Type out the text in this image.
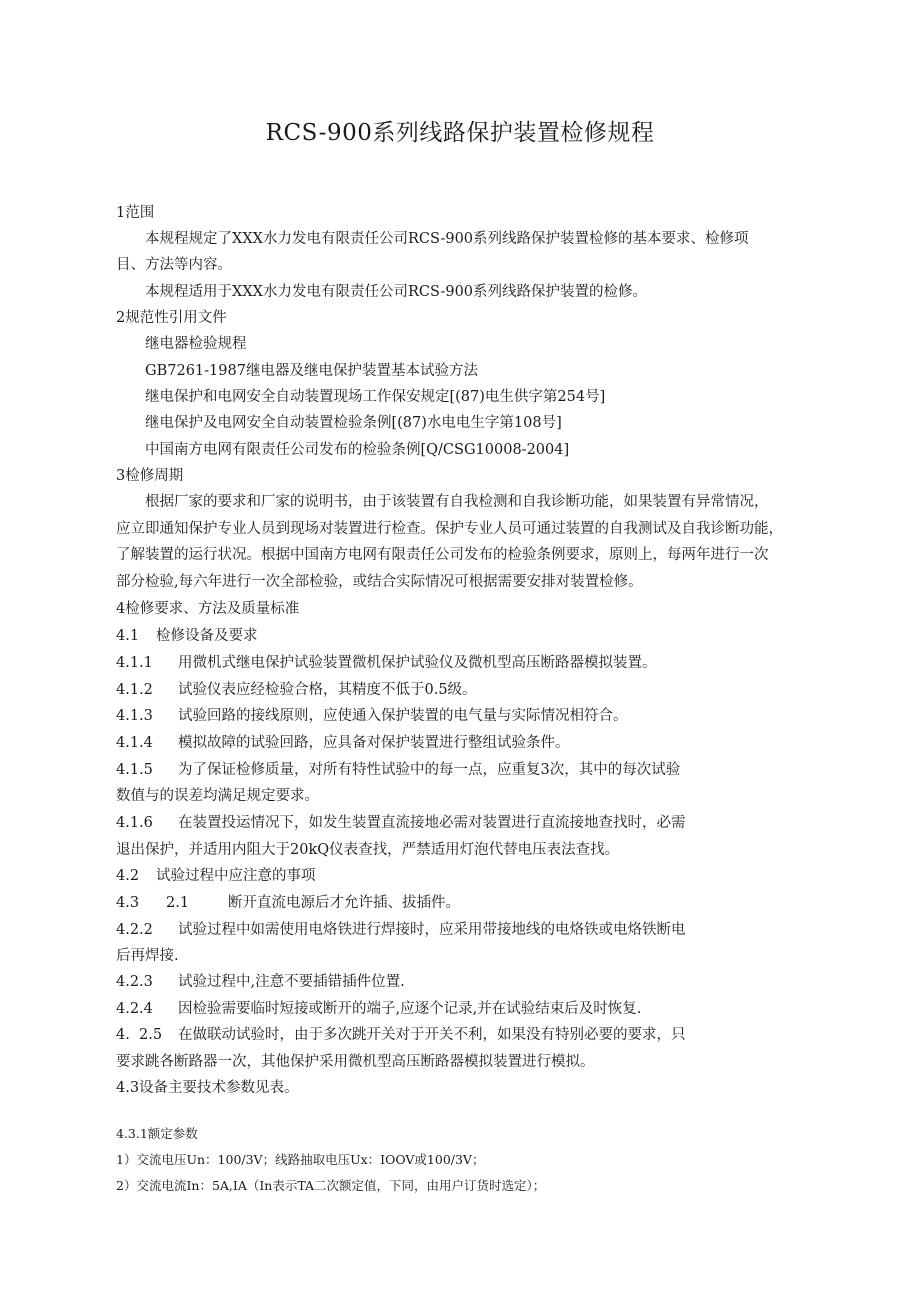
RCS-900系列线路保护装置检修规程
1范围
本规程规定了XXX水力发电有限责任公司RCS-900系列线路保护装置检修的基本要求、检修项
目、方法等内容。
本规程适用于XXX水力发电有限责任公司RCS-900系列线路保护装置的检修。
2规范性引用文件
继电器检验规程
GB7261-1987继电器及继电保护装置基本试验方法
继电保护和电网安全自动装置现场工作保安规定[(87)电生供字第254号]
继电保护及电网安全自动装置检验条例[(87)水电电生字第108号]
中国南方电网有限责任公司发布的检验条例[Q/CSG10008-2004]
3检修周期
根据厂家的要求和厂家的说明书，由于该装置有自我检测和自我诊断功能，如果装置有异常情况，
应立即通知保护专业人员到现场对装置进行检查。保护专业人员可通过装置的自我测试及自我诊断功能，
了解装置的运行状况。根据中国南方电网有限责任公司发布的检验条例要求，原则上，每两年进行一次
部分检验,每六年进行一次全部检验，或结合实际情况可根据需要安排对装置检修。
4检修要求、方法及质量标准
4.1 检修设备及要求
4.1.1 用微机式继电保护试验装置微机保护试验仪及微机型高压断路器模拟装置。
4.1.2 试验仪表应经检验合格，其精度不低于0.5级。
4.1.3 试验回路的接线原则，应使通入保护装置的电气量与实际情况相符合。
4.1.4 模拟故障的试验回路，应具备对保护装置进行整组试验条件。
4.1.5 为了保证检修质量，对所有特性试验中的每一点，应重复3次，其中的每次试验
数值与的误差均满足规定要求。
4.1.6 在装置投运情况下，如发生装置直流接地必需对装置进行直流接地查找时，必需
退出保护，并适用内阻大于20kQ仪表查找，严禁适用灯泡代替电压表法查找。
4.2 试验过程中应注意的事项
4.3 2.1	断开直流电源后才允许插、拔插件。
4.2.2 试验过程中如需使用电烙铁进行焊接时，应采用带接地线的电烙铁或电烙铁断电
后再焊接.
4.2.3 试验过程中,注意不要插错插件位置.
4.2.4 因检验需要临时短接或断开的端子,应逐个记录,并在试验结束后及时恢复.
4.  2.5 在做联动试验时，由于多次跳开关对于开关不利，如果没有特别必要的要求，只
要求跳各断路器一次，其他保护采用微机型高压断路器模拟装置进行模拟。
4.3设备主要技术参数见表。
4.3.1额定参数
1）交流电压Un：100/3V；线路抽取电压Ux：IOOV或100/3V；
2）交流电流In：5A,IA（In表示TA二次额定值，下同，由用户订货时选定）；
